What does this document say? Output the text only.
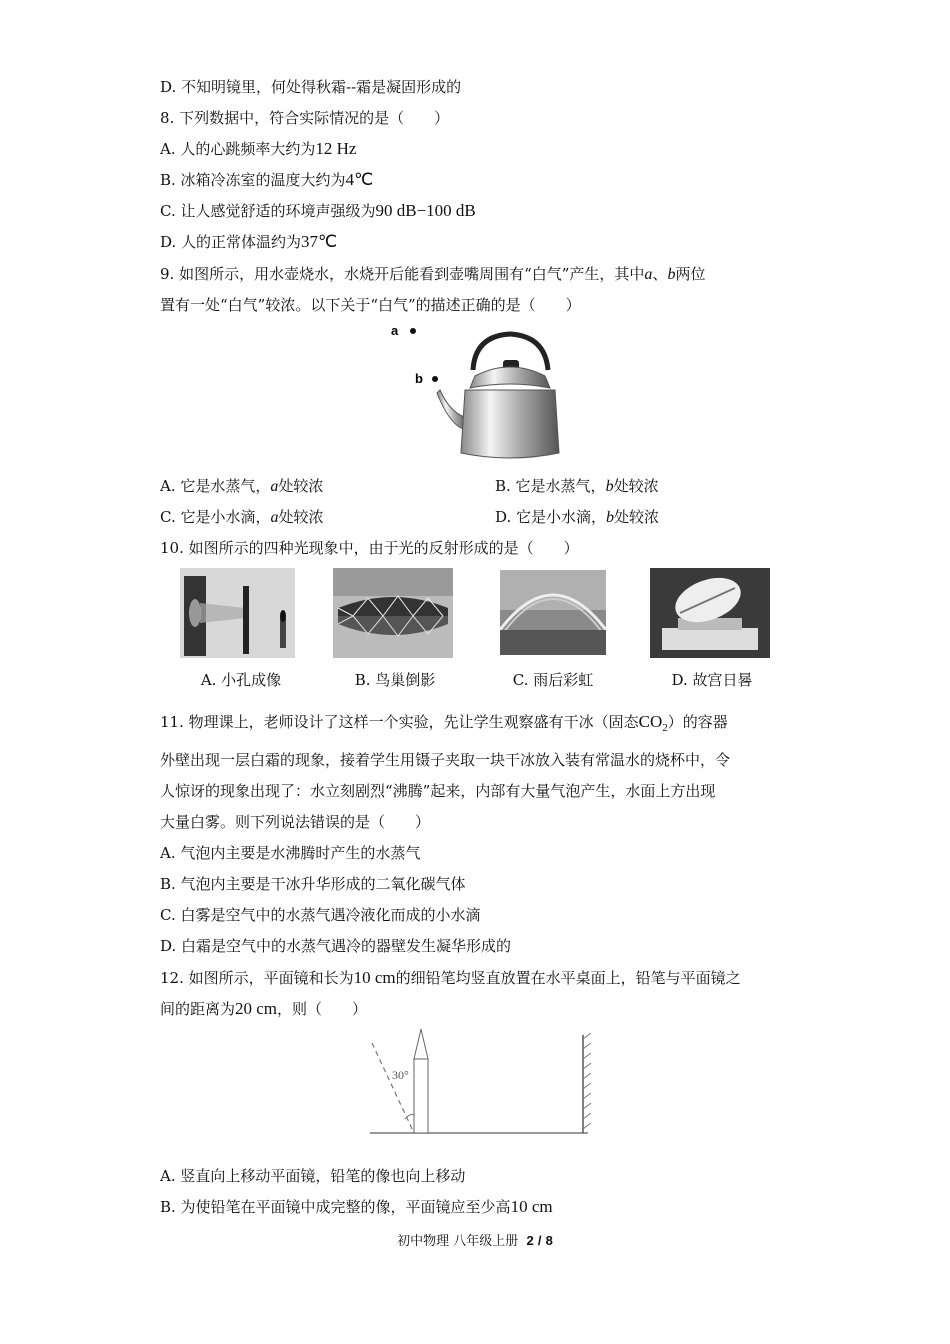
D. 不知明镜里，何处得秋霜--霜是凝固形成的
8. 下列数据中，符合实际情况的是（　　）
A. 人的心跳频率大约为12 Hz
B. 冰箱冷冻室的温度大约为4℃
C. 让人感觉舒适的环境声强级为90 dB−100 dB
D. 人的正常体温约为37℃
9. 如图所示，用水壶烧水，水烧开后能看到壶嘴周围有“白气”产生，其中a、b两位
置有一处“白气”较浓。以下关于“白气”的描述正确的是（　　）
a
b
A. 它是水蒸气，a处较浓	B. 它是水蒸气，b处较浓
C. 它是小水滴，a处较浓	D. 它是小水滴，b处较浓
10. 如图所示的四种光现象中，由于光的反射形成的是（　　）
A. 小孔成像	B. 鸟巢倒影	C. 雨后彩虹	D. 故宫日晷
11. 物理课上，老师设计了这样一个实验，先让学生观察盛有干冰（固态$CO_2$）的容器
外壁出现一层白霜的现象，接着学生用镊子夹取一块干冰放入装有常温水的烧杯中，令
人惊讶的现象出现了：水立刻剧烈“沸腾”起来，内部有大量气泡产生，水面上方出现
大量白雾。则下列说法错误的是（　　）
A. 气泡内主要是水沸腾时产生的水蒸气
B. 气泡内主要是干冰升华形成的二氧化碳气体
C. 白雾是空气中的水蒸气遇冷液化而成的小水滴
D. 白霜是空气中的水蒸气遇冷的器壁发生凝华形成的
12. 如图所示，平面镜和长为10 cm的细铅笔均竖直放置在水平桌面上，铅笔与平面镜之
间的距离为20 cm，则（　　）
30°
A. 竖直向上移动平面镜，铅笔的像也向上移动
B. 为使铅笔在平面镜中成完整的像，平面镜应至少高10 cm
初中物理 八年级上册 2 / 8
